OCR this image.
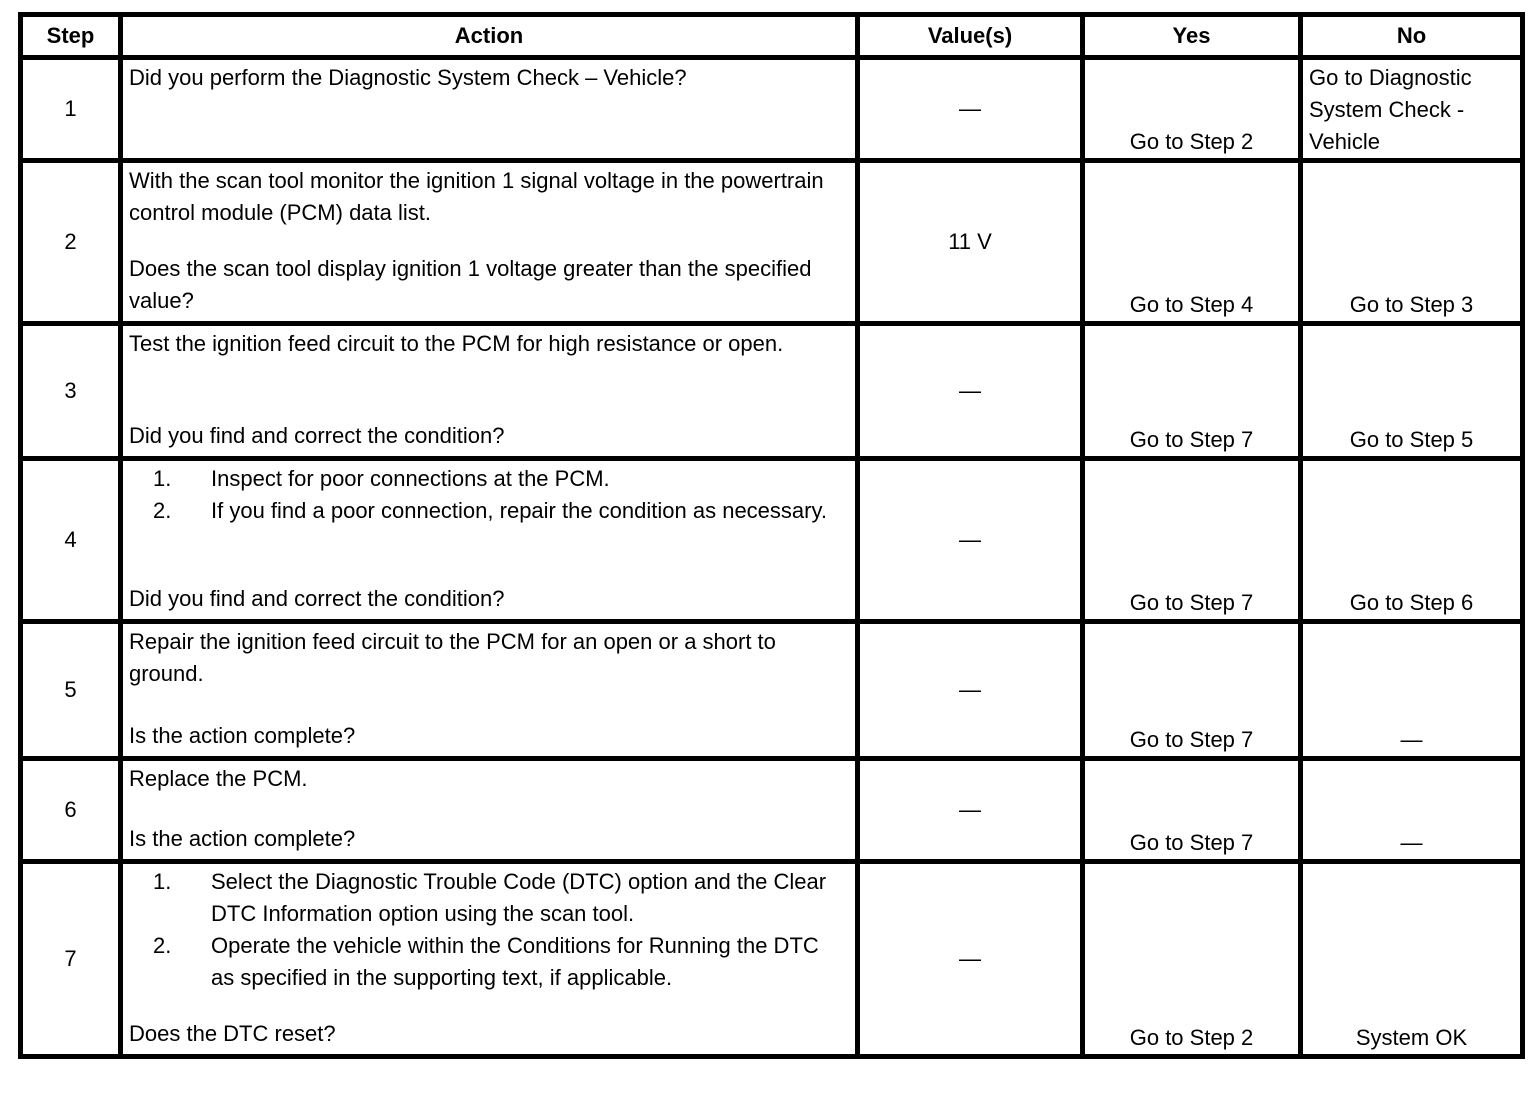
Step	Action	Value(s)	Yes	No
1	Did you perform the Diagnostic System Check – Vehicle?	—	Go to Step 2	Go to Diagnostic System Check - Vehicle
2	With the scan tool monitor the ignition 1 signal voltage in the powertrain control module (PCM) data list.

Does the scan tool display ignition 1 voltage greater than the specified value?	11 V	Go to Step 4	Go to Step 3
3	Test the ignition feed circuit to the PCM for high resistance or open.

Did you find and correct the condition?	—	Go to Step 7	Go to Step 5
4	1. Inspect for poor connections at the PCM.
2. If you find a poor connection, repair the condition as necessary.

Did you find and correct the condition?	—	Go to Step 7	Go to Step 6
5	Repair the ignition feed circuit to the PCM for an open or a short to ground.

Is the action complete?	—	Go to Step 7	—
6	Replace the PCM.

Is the action complete?	—	Go to Step 7	—
7	1. Select the Diagnostic Trouble Code (DTC) option and the Clear DTC Information option using the scan tool.
2. Operate the vehicle within the Conditions for Running the DTC as specified in the supporting text, if applicable.

Does the DTC reset?	—	Go to Step 2	System OK
